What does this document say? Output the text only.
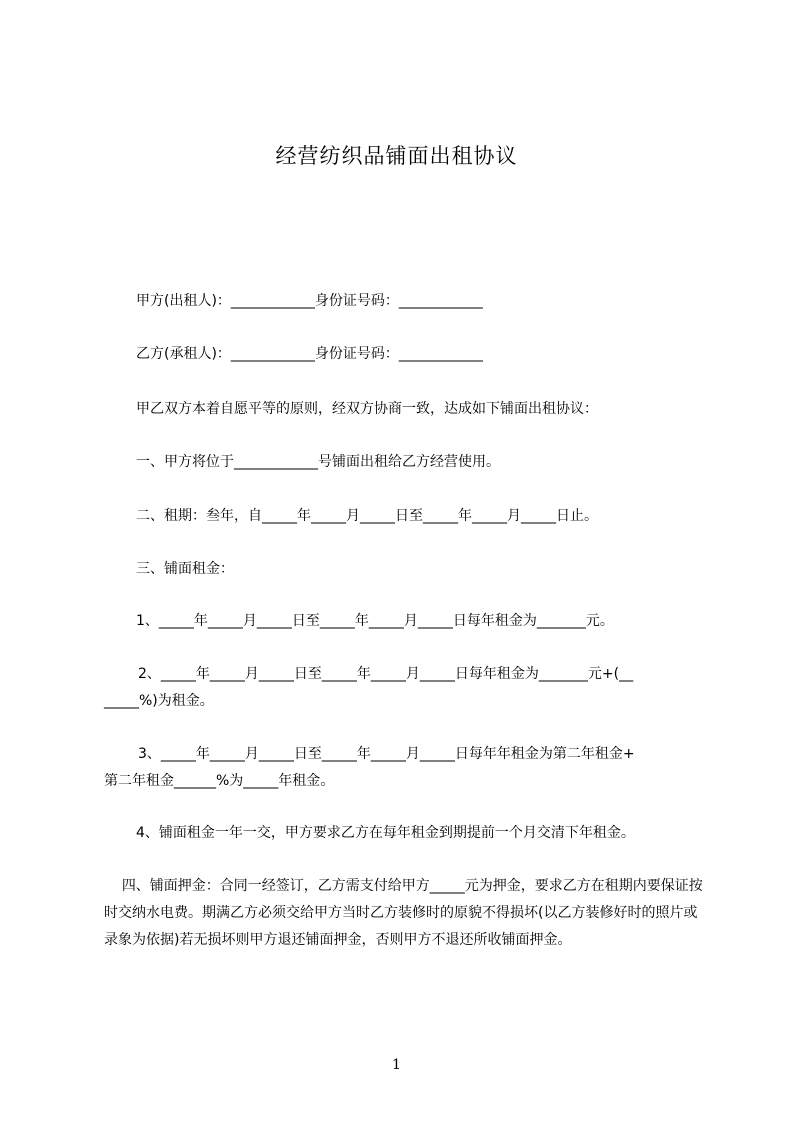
经营纺织品铺面出租协议
甲方(出租人)：____________身份证号码：____________
乙方(承租人)：____________身份证号码：____________
甲乙双方本着自愿平等的原则，经双方协商一致，达成如下铺面出租协议：
一、甲方将位于____________号铺面出租给乙方经营使用。
二、租期：叁年，自_____年_____月_____日至_____年_____月_____日止。
三、铺面租金：
1、_____年_____月_____日至_____年_____月_____日每年租金为_______元。
2、_____年_____月_____日至_____年_____月_____日每年租金为_______元+(__
_____%)为租金。
3、_____年_____月_____日至_____年_____月_____日每年年租金为第二年租金+
第二年租金______%为_____年租金。
4、铺面租金一年一交，甲方要求乙方在每年租金到期提前一个月交清下年租金。
四、铺面押金：合同一经签订，乙方需支付给甲方_____元为押金，要求乙方在租期内要保证按时交纳水电费。期满乙方必须交给甲方当时乙方装修时的原貌不得损坏(以乙方装修好时的照片或录象为依据)若无损坏则甲方退还铺面押金，否则甲方不退还所收铺面押金。
1
